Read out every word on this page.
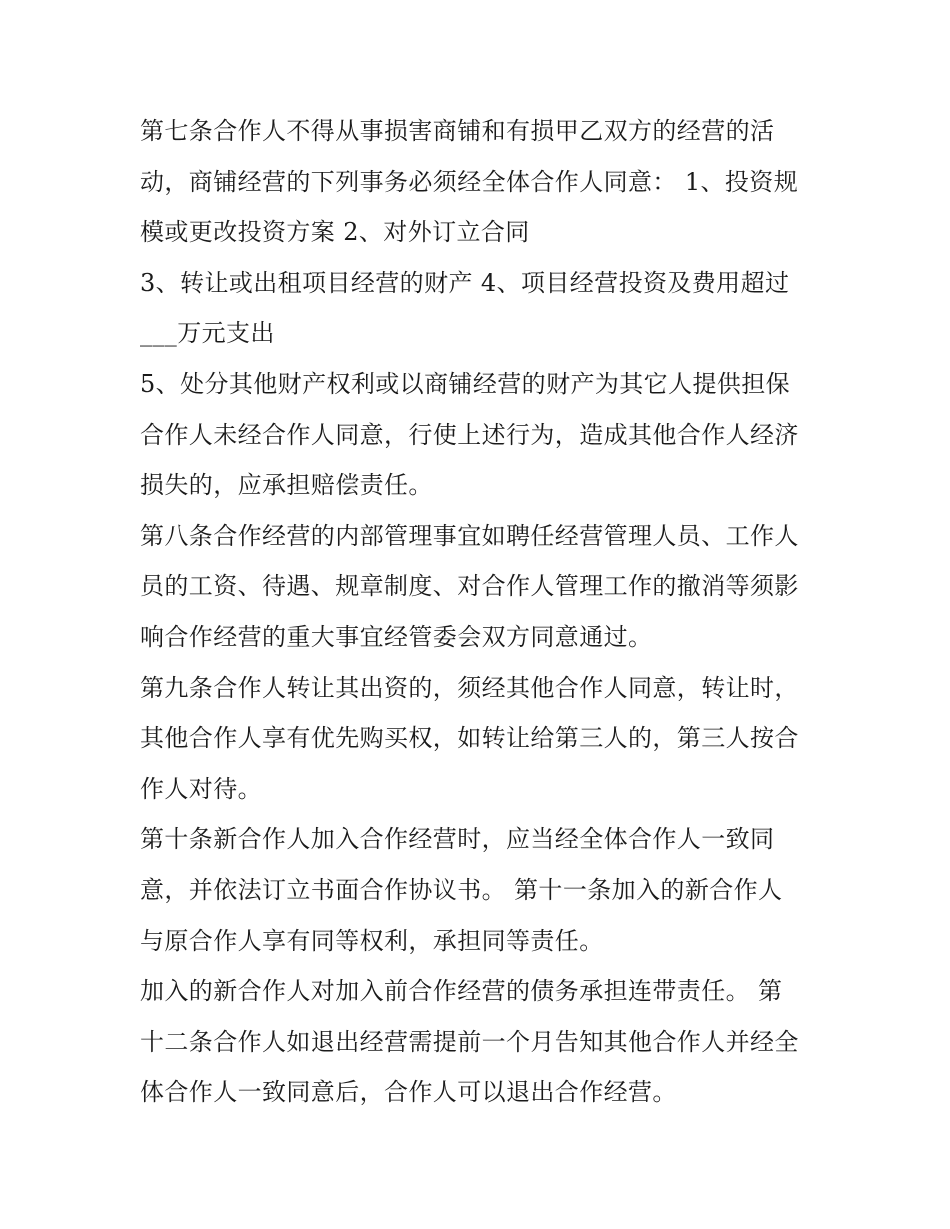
第七条合作人不得从事损害商铺和有损甲乙双方的经营的活
动，商铺经营的下列事务必须经全体合作人同意： 1、投资规
模或更改投资方案 2、对外订立合同
3、转让或出租项目经营的财产 4、项目经营投资及费用超过
___万元支出
5、处分其他财产权利或以商铺经营的财产为其它人提供担保
合作人未经合作人同意，行使上述行为，造成其他合作人经济
损失的，应承担赔偿责任。
第八条合作经营的内部管理事宜如聘任经营管理人员、工作人
员的工资、待遇、规章制度、对合作人管理工作的撤消等须影
响合作经营的重大事宜经管委会双方同意通过。
第九条合作人转让其出资的，须经其他合作人同意，转让时，
其他合作人享有优先购买权，如转让给第三人的，第三人按合
作人对待。
第十条新合作人加入合作经营时，应当经全体合作人一致同
意，并依法订立书面合作协议书。 第十一条加入的新合作人
与原合作人享有同等权利，承担同等责任。
加入的新合作人对加入前合作经营的债务承担连带责任。 第
十二条合作人如退出经营需提前一个月告知其他合作人并经全
体合作人一致同意后，合作人可以退出合作经营。
